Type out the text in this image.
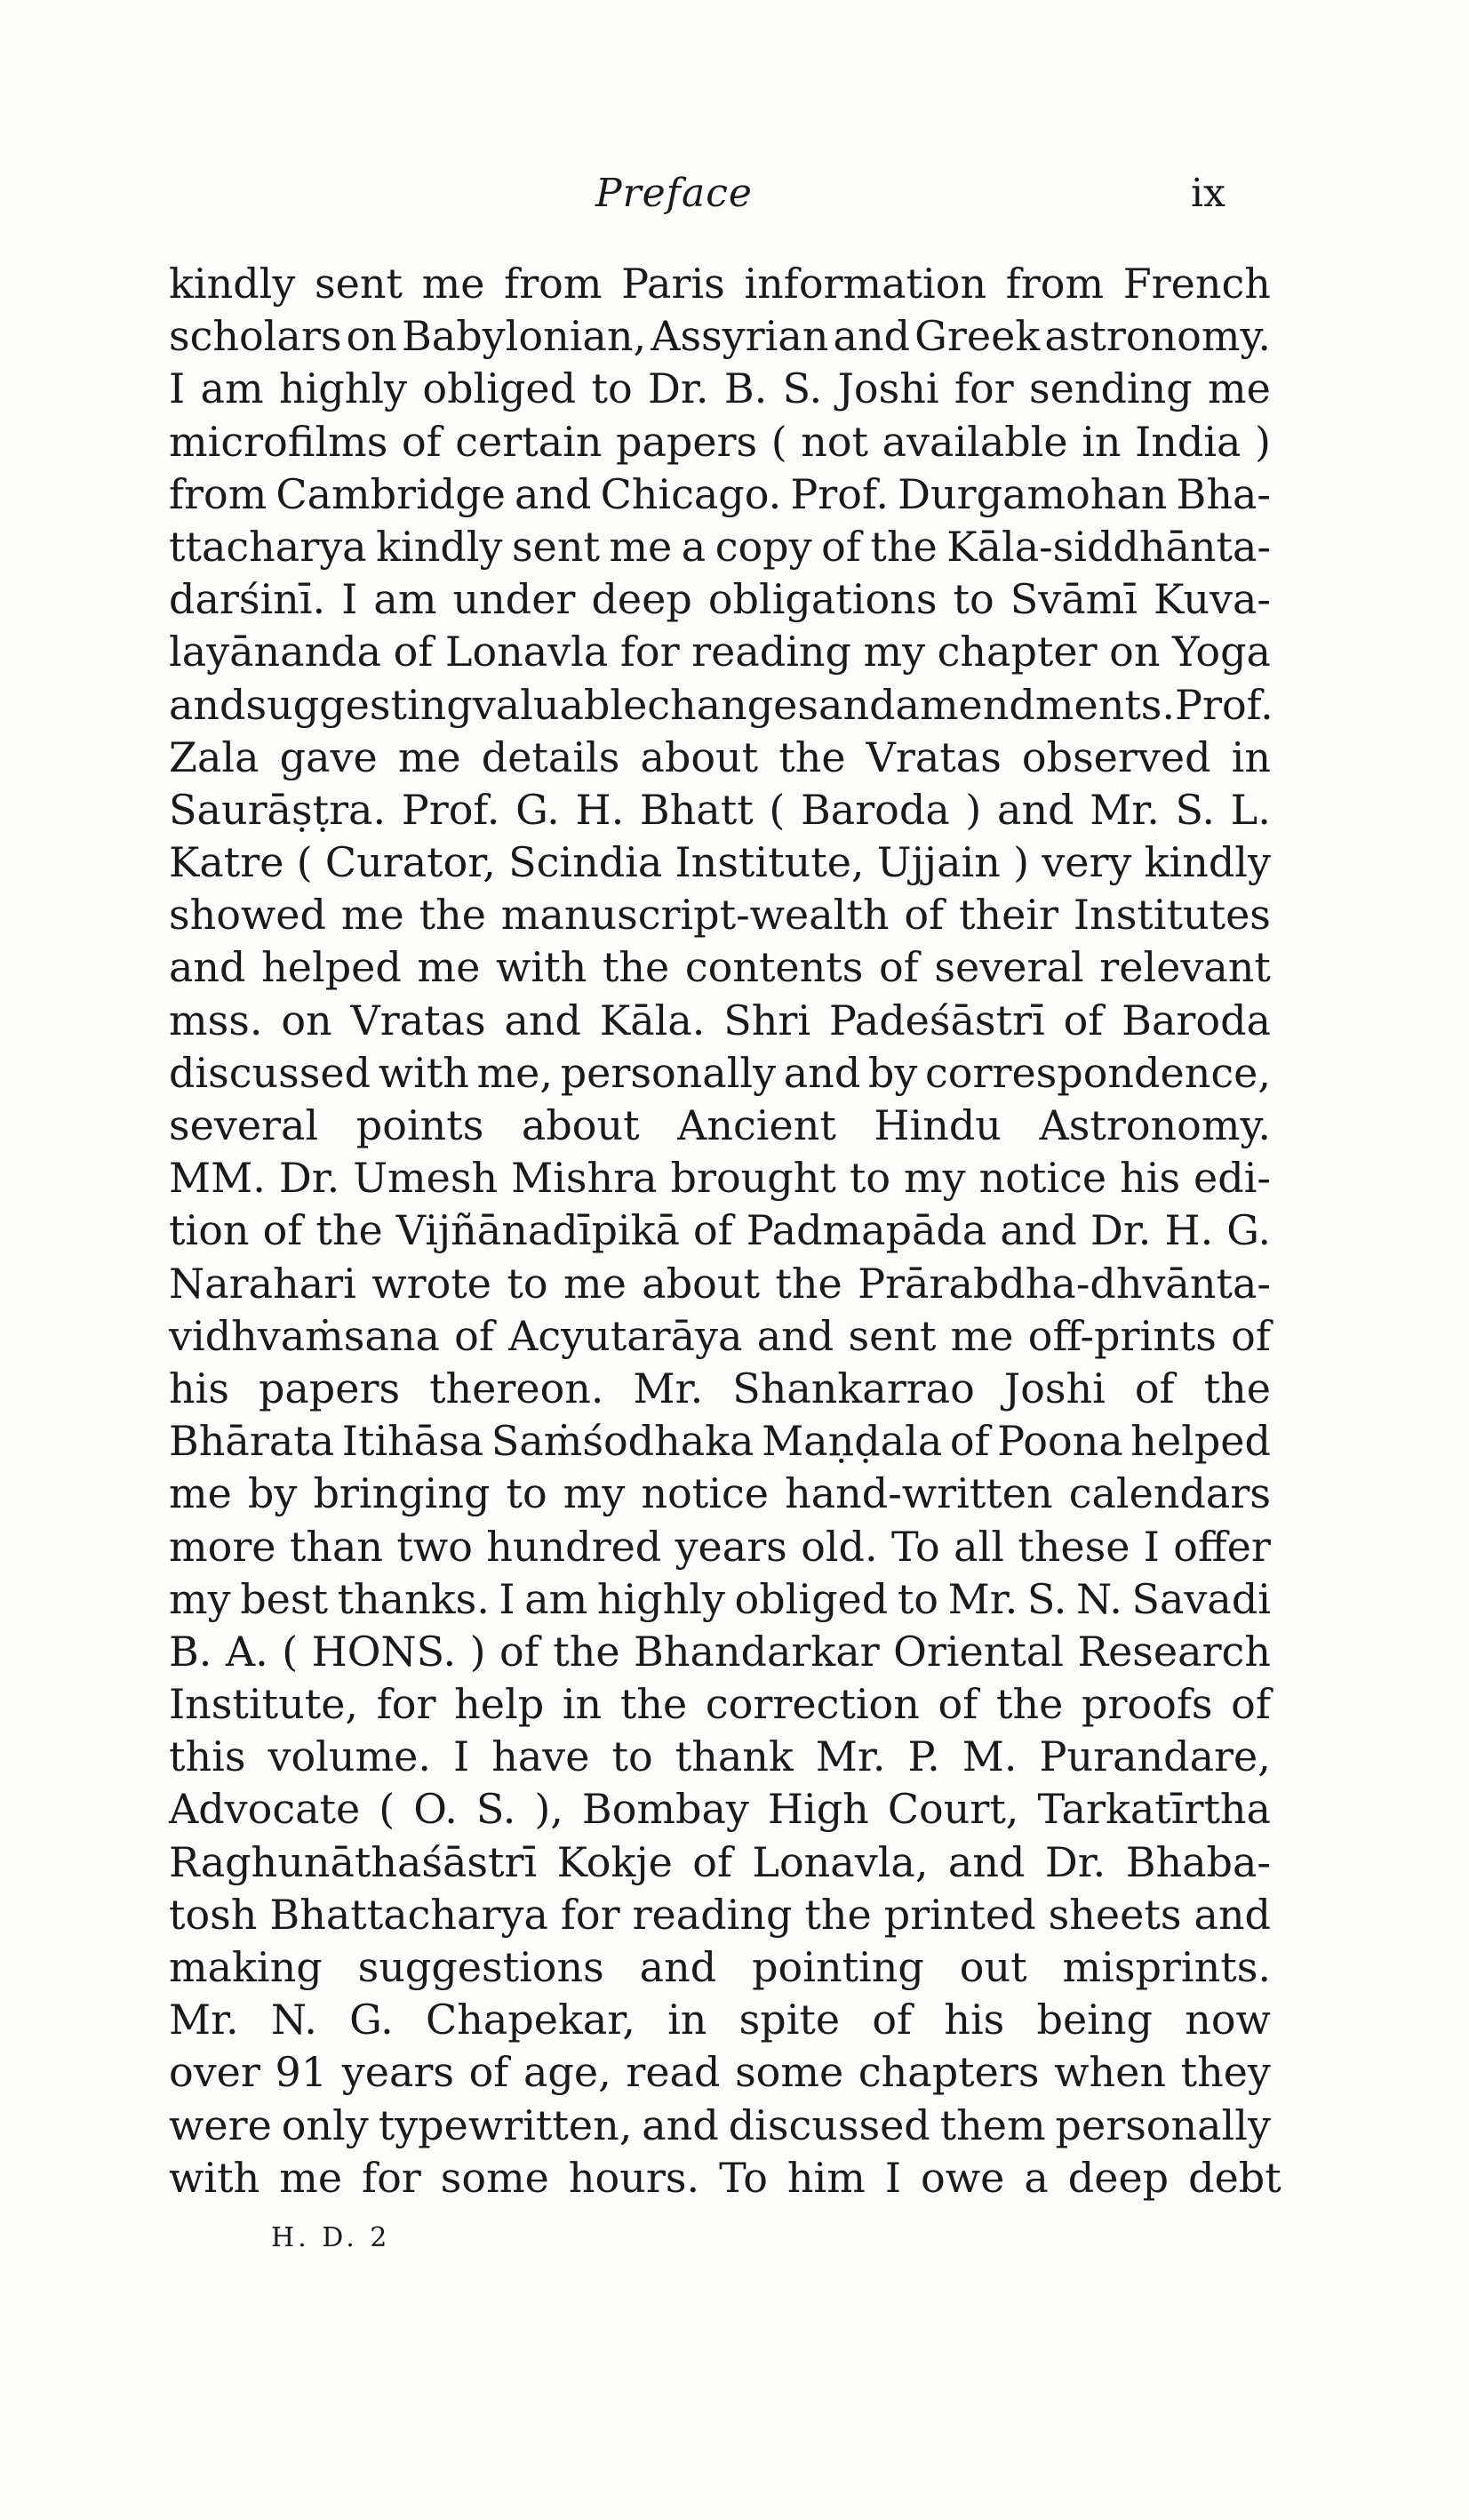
Preface	ix
kindly sent me from Paris information from French
scholars on Babylonian, Assyrian and Greek astronomy.
I am highly obliged to Dr. B. S. Joshi for sending me
microfilms of certain papers ( not available in India )
from Cambridge and Chicago. Prof. Durgamohan Bha-
ttacharya kindly sent me a copy of the Kāla-siddhānta-
darśinī. I am under deep obligations to Svāmī Kuva-
layānanda of Lonavla for reading my chapter on Yoga
and suggesting valuable changes and amendments. Prof.
Zala gave me details about the Vratas observed in
Saurāṣṭra. Prof. G. H. Bhatt ( Baroda ) and Mr. S. L.
Katre ( Curator, Scindia Institute, Ujjain ) very kindly
showed me the manuscript-wealth of their Institutes
and helped me with the contents of several relevant
mss. on Vratas and Kāla. Shri Padeśāstrī of Baroda
discussed with me, personally and by correspondence,
several points about Ancient Hindu Astronomy.
MM. Dr. Umesh Mishra brought to my notice his edi-
tion of the Vijñānadīpikā of Padmapāda and Dr. H. G.
Narahari wrote to me about the Prārabdha-dhvānta-
vidhvaṁsana of Acyutarāya and sent me off-prints of
his papers thereon. Mr. Shankarrao Joshi of the
Bhārata Itihāsa Saṁśodhaka Maṇḍala of Poona helped
me by bringing to my notice hand-written calendars
more than two hundred years old. To all these I offer
my best thanks. I am highly obliged to Mr. S. N. Savadi
B. A. ( HONS. ) of the Bhandarkar Oriental Research
Institute, for help in the correction of the proofs of
this volume. I have to thank Mr. P. M. Purandare,
Advocate ( O. S. ), Bombay High Court, Tarkatīrtha
Raghunāthaśāstrī Kokje of Lonavla, and Dr. Bhaba-
tosh Bhattacharya for reading the printed sheets and
making suggestions and pointing out misprints.
Mr. N. G. Chapekar, in spite of his being now
over 91 years of age, read some chapters when they
were only typewritten, and discussed them personally
with me for some hours. To him I owe a deep debt
H. D. 2
